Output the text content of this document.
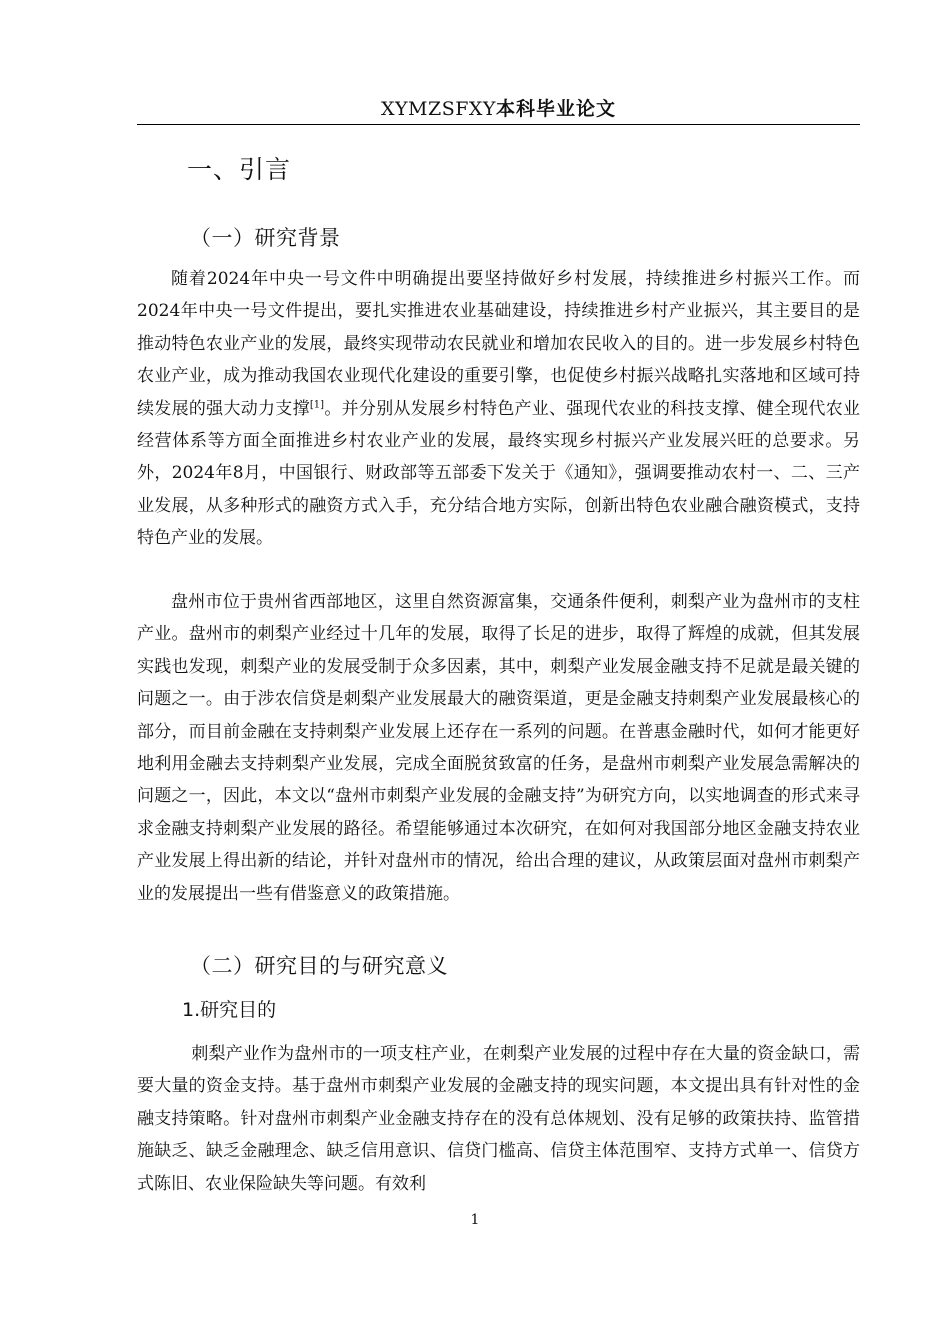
XYMZSFXY本科毕业论文
一、引言
（一）研究背景

随着2024年中央一号文件中明确提出要坚持做好乡村发展，持续推进乡村振兴工作。而2024年中央一号文件提出，要扎实推进农业基础建设，持续推进乡村产业振兴，其主要目的是推动特色农业产业的发展，最终实现带动农民就业和增加农民收入的目的。进一步发展乡村特色农业产业，成为推动我国农业现代化建设的重要引擎，也促使乡村振兴战略扎实落地和区域可持续发展的强大动力支撑[1]。并分别从发展乡村特色产业、强现代农业的科技支撑、健全现代农业经营体系等方面全面推进乡村农业产业的发展，最终实现乡村振兴产业发展兴旺的总要求。另外，2024年8月，中国银行、财政部等五部委下发关于《通知》，强调要推动农村一、二、三产业发展，从多种形式的融资方式入手，充分结合地方实际，创新出特色农业融合融资模式，支持特色产业的发展。

盘州市位于贵州省西部地区，这里自然资源富集，交通条件便利，刺梨产业为盘州市的支柱产业。盘州市的刺梨产业经过十几年的发展，取得了长足的进步，取得了辉煌的成就，但其发展实践也发现，刺梨产业的发展受制于众多因素，其中，刺梨产业发展金融支持不足就是最关键的问题之一。由于涉农信贷是刺梨产业发展最大的融资渠道，更是金融支持刺梨产业发展最核心的部分，而目前金融在支持刺梨产业发展上还存在一系列的问题。在普惠金融时代，如何才能更好地利用金融去支持刺梨产业发展，完成全面脱贫致富的任务，是盘州市刺梨产业发展急需解决的问题之一，因此，本文以“盘州市刺梨产业发展的金融支持”为研究方向，以实地调查的形式来寻求金融支持刺梨产业发展的路径。希望能够通过本次研究，在如何对我国部分地区金融支持农业产业发展上得出新的结论，并针对盘州市的情况，给出合理的建议，从政策层面对盘州市刺梨产业的发展提出一些有借鉴意义的政策措施。

（二）研究目的与研究意义
1.研究目的

刺梨产业作为盘州市的一项支柱产业，在刺梨产业发展的过程中存在大量的资金缺口，需要大量的资金支持。基于盘州市刺梨产业发展的金融支持的现实问题，本文提出具有针对性的金融支持策略。针对盘州市刺梨产业金融支持存在的没有总体规划、没有足够的政策扶持、监管措施缺乏、缺乏金融理念、缺乏信用意识、信贷门槛高、信贷主体范围窄、支持方式单一、信贷方式陈旧、农业保险缺失等问题。有效利

1
